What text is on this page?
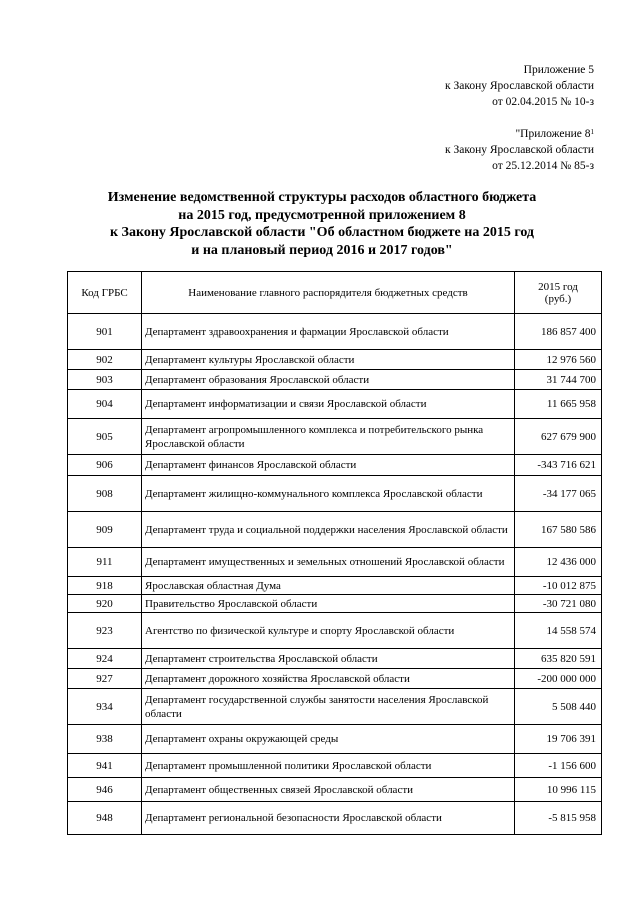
Приложение 5
к Закону Ярославской области
от 02.04.2015 № 10-з
"Приложение $8^1$
к Закону Ярославской области
от 25.12.2014 № 85-з
Изменение ведомственной структуры расходов областного бюджета
на 2015 год, предусмотренной приложением 8
к Закону Ярославской области "Об областном бюджете на 2015 год
и на плановый период 2016 и 2017 годов"
Код ГРБС	Наименование главного распорядителя бюджетных средств	2015 год
(руб.)

901	Департамент здравоохранения и фармации Ярославской области	186 857 400
902	Департамент культуры Ярославской области	12 976 560
903	Департамент образования Ярославской области	31 744 700
904	Департамент информатизации и связи Ярославской области	11 665 958
905	Департамент агропромышленного комплекса и потребительского рынка Ярославской области	627 679 900
906	Департамент финансов Ярославской области	-343 716 621
908	Департамент жилищно-коммунального комплекса Ярославской области	-34 177 065
909	Департамент труда и социальной поддержки населения Ярославской области	167 580 586
911	Департамент имущественных и земельных отношений Ярославской области	12 436 000
918	Ярославская областная Дума	-10 012 875
920	Правительство Ярославской области	-30 721 080
923	Агентство по физической культуре и спорту Ярославской области	14 558 574
924	Департамент строительства Ярославской области	635 820 591
927	Департамент дорожного хозяйства Ярославской области	-200 000 000
934	Департамент государственной службы занятости населения Ярославской области	5 508 440
938	Департамент охраны окружающей среды	19 706 391
941	Департамент промышленной политики Ярославской области	-1 156 600
946	Департамент общественных связей Ярославской области	10 996 115
948	Департамент региональной безопасности Ярославской области	-5 815 958
